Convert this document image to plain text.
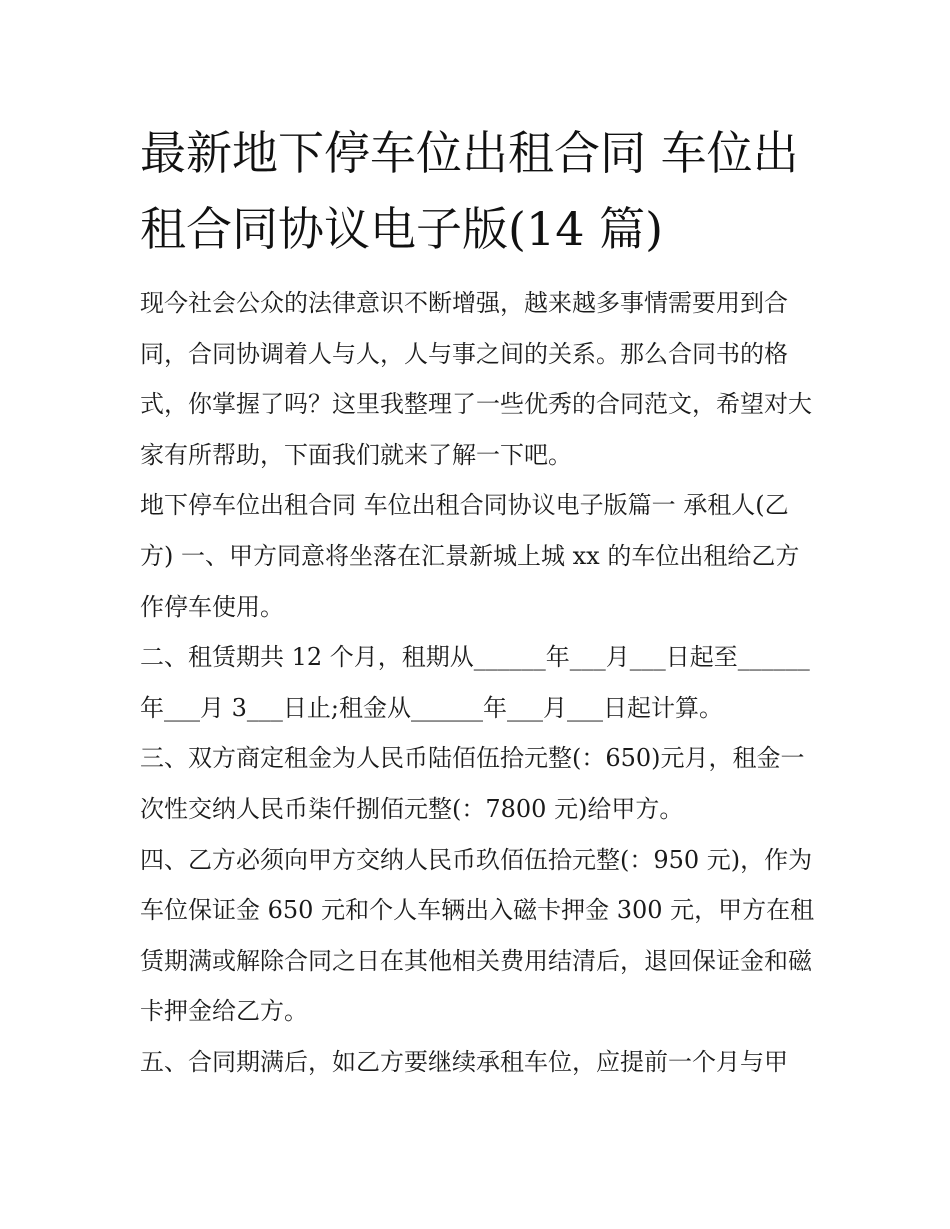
最新地下停车位出租合同 车位出租合同协议电子版(14 篇)

现今社会公众的法律意识不断增强，越来越多事情需要用到合同，合同协调着人与人，人与事之间的关系。那么合同书的格式，你掌握了吗？这里我整理了一些优秀的合同范文，希望对大家有所帮助，下面我们就来了解一下吧。

地下停车位出租合同 车位出租合同协议电子版篇一 承租人(乙方) 一、甲方同意将坐落在汇景新城上城 xx 的车位出租给乙方作停车使用。

二、租赁期共 12 个月，租期从______年___月___日起至______年___月 3___日止;租金从______年___月___日起计算。

三、双方商定租金为人民币陆佰伍拾元整(：650)元月，租金一次性交纳人民币柒仟捌佰元整(：7800 元)给甲方。

四、乙方必须向甲方交纳人民币玖佰伍拾元整(：950 元)，作为车位保证金 650 元和个人车辆出入磁卡押金 300 元，甲方在租赁期满或解除合同之日在其他相关费用结清后，退回保证金和磁卡押金给乙方。

五、合同期满后，如乙方要继续承租车位，应提前一个月与甲
